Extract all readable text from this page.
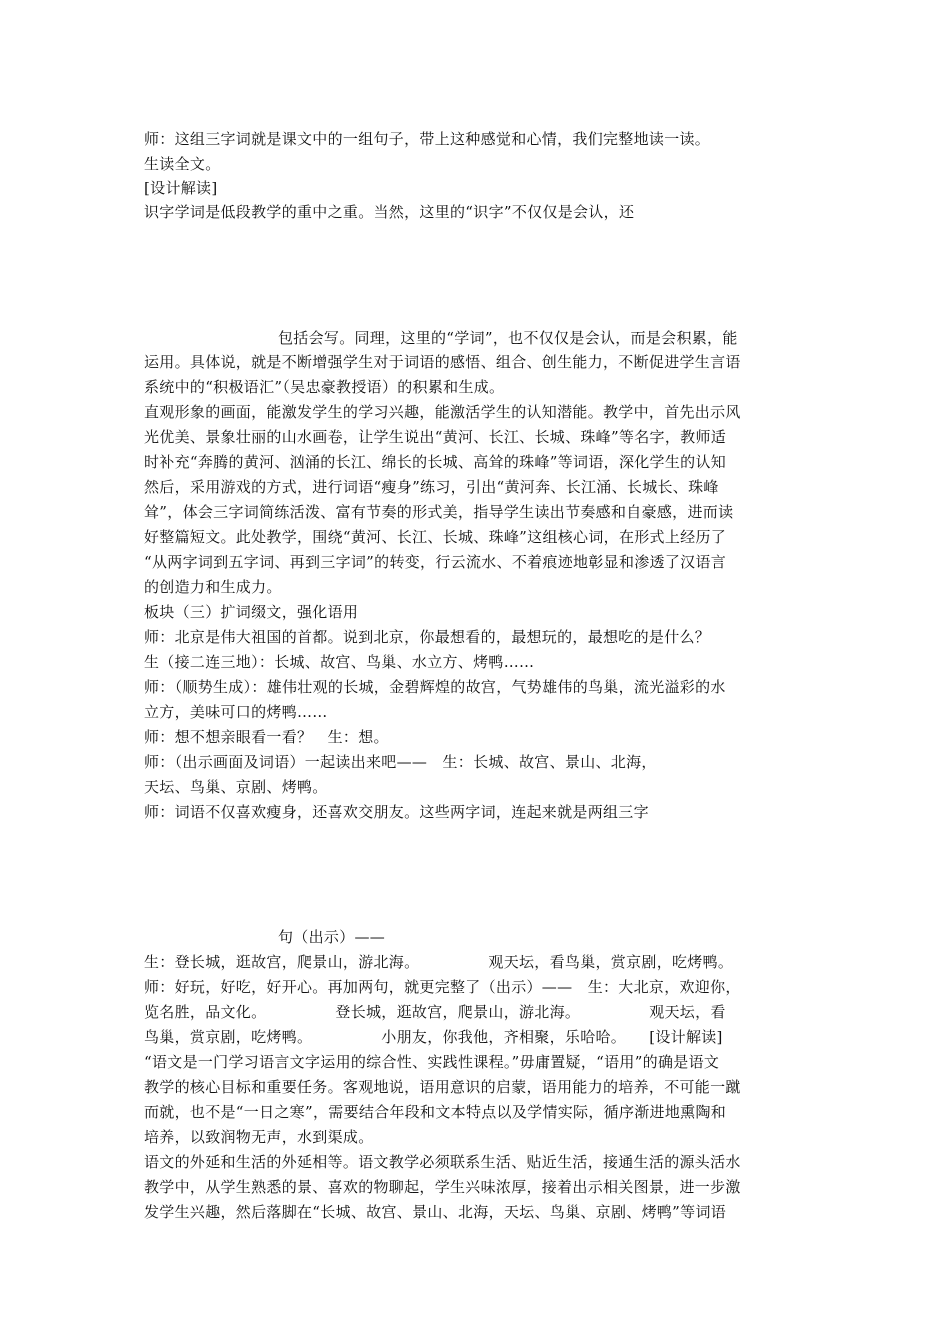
师：这组三字词就是课文中的一组句子，带上这种感觉和心情，我们完整地读一读。
生读全文。
[设计解读]
识字学词是低段教学的重中之重。当然，这里的“识字”不仅仅是会认，还
包括会写。同理，这里的“学词”，也不仅仅是会认，而是会积累，能
运用。具体说，就是不断增强学生对于词语的感悟、组合、创生能力，不断促进学生言语
系统中的“积极语汇”（吴忠豪教授语）的积累和生成。
直观形象的画面，能激发学生的学习兴趣，能激活学生的认知潜能。教学中，首先出示风
光优美、景象壮丽的山水画卷，让学生说出“黄河、长江、长城、珠峰”等名字，教师适
时补充“奔腾的黄河、汹涌的长江、绵长的长城、高耸的珠峰”等词语，深化学生的认知
然后，采用游戏的方式，进行词语“瘦身”练习，引出“黄河奔、长江涌、长城长、珠峰
耸”，体会三字词简练活泼、富有节奏的形式美，指导学生读出节奏感和自豪感，进而读
好整篇短文。此处教学，围绕“黄河、长江、长城、珠峰”这组核心词，在形式上经历了
“从两字词到五字词、再到三字词”的转变，行云流水、不着痕迹地彰显和渗透了汉语言
的创造力和生成力。
板块（三）扩词缀文，强化语用
师：北京是伟大祖国的首都。说到北京，你最想看的，最想玩的，最想吃的是什么？
生（接二连三地）：长城、故宫、鸟巢、水立方、烤鸭……
师：（顺势生成）：雄伟壮观的长城，金碧辉煌的故宫，气势雄伟的鸟巢，流光溢彩的水
立方，美味可口的烤鸭……
师：想不想亲眼看一看？　生：想。
师：（出示画面及词语）一起读出来吧——　生：长城、故宫、景山、北海，
天坛、鸟巢、京剧、烤鸭。
师：词语不仅喜欢瘦身，还喜欢交朋友。这些两字词，连起来就是两组三字
句（出示）——
生：登长城，逛故宫，爬景山，游北海。　　　　　观天坛，看鸟巢，赏京剧，吃烤鸭。
师：好玩，好吃，好开心。再加两句，就更完整了（出示）——　生：大北京，欢迎你，
览名胜，品文化。　　　　　登长城，逛故宫，爬景山，游北海。　　　　　观天坛，看
鸟巢，赏京剧，吃烤鸭。　　　　　小朋友，你我他，齐相聚，乐哈哈。　　[设计解读]
“语文是一门学习语言文字运用的综合性、实践性课程。”毋庸置疑，“语用”的确是语文
教学的核心目标和重要任务。客观地说，语用意识的启蒙，语用能力的培养，不可能一蹴
而就，也不是“一日之寒”，需要结合年段和文本特点以及学情实际，循序渐进地熏陶和
培养，以致润物无声，水到渠成。
语文的外延和生活的外延相等。语文教学必须联系生活、贴近生活，接通生活的源头活水
教学中，从学生熟悉的景、喜欢的物聊起，学生兴味浓厚，接着出示相关图景，进一步激
发学生兴趣，然后落脚在“长城、故宫、景山、北海，天坛、鸟巢、京剧、烤鸭”等词语
